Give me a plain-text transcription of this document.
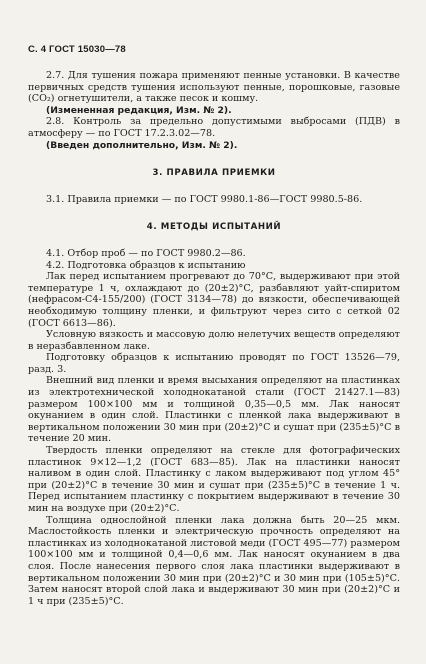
С. 4 ГОСТ 15030—78

2.7. Для тушения пожара применяют пенные установки. В качестве первичных средств тушения используют пенные, порошковые, газовые (CO₂) огнетушители, а также песок и кошму.

(Измененная редакция, Изм. № 2).

2.8. Контроль за предельно допустимыми выбросами (ПДВ) в атмосферу — по ГОСТ 17.2.3.02—78.

(Введен дополнительно, Изм. № 2).

3. ПРАВИЛА ПРИЕМКИ

3.1. Правила приемки — по ГОСТ 9980.1-86—ГОСТ 9980.5-86.

4. МЕТОДЫ ИСПЫТАНИЙ

4.1. Отбор проб — по ГОСТ 9980.2—86.

4.2. Подготовка образцов к испытанию

Лак перед испытанием прогревают до 70°С, выдерживают при этой температуре 1 ч, охлаждают до (20±2)°С, разбавляют уайт-спиритом (нефрасом-С4-155/200) (ГОСТ 3134—78) до вязкости, обеспечивающей необходимую толщину пленки, и фильтруют через сито с сеткой 02 (ГОСТ 6613—86).

Условную вязкость и массовую долю нелетучих веществ определяют в неразбавленном лаке.

Подготовку образцов к испытанию проводят по ГОСТ 13526—79, разд. 3.

Внешний вид пленки и время высыхания определяют на пластинках из электротехнической холоднокатаной стали (ГОСТ 21427.1—83) размером 100×100 мм и толщиной 0,35—0,5 мм. Лак наносят окунанием в один слой. Пластинки с пленкой лака выдерживают в вертикальном положении 30 мин при (20±2)°С и сушат при (235±5)°С в течение 20 мин.

Твердость пленки определяют на стекле для фотографических пластинок 9×12—1,2 (ГОСТ 683—85). Лак на пластинки наносят наливом в один слой. Пластинку с лаком выдерживают под углом 45° при (20±2)°С в течение 30 мин и сушат при (235±5)°С в течение 1 ч. Перед испытанием пластинку с покрытием выдерживают в течение 30 мин на воздухе при (20±2)°С.

Толщина однослойной пленки лака должна быть 20—25 мкм. Маслостойкость пленки и электрическую прочность определяют на пластинках из холоднокатаной листовой меди (ГОСТ 495—77) размером 100×100 мм и толщиной 0,4—0,6 мм. Лак наносят окунанием в два слоя. После нанесения первого слоя лака пластинки выдерживают в вертикальном положении 30 мин при (20±2)°С и 30 мин при (105±5)°С. Затем наносят второй слой лака и выдерживают 30 мин при (20±2)°С и 1 ч при (235±5)°С.
